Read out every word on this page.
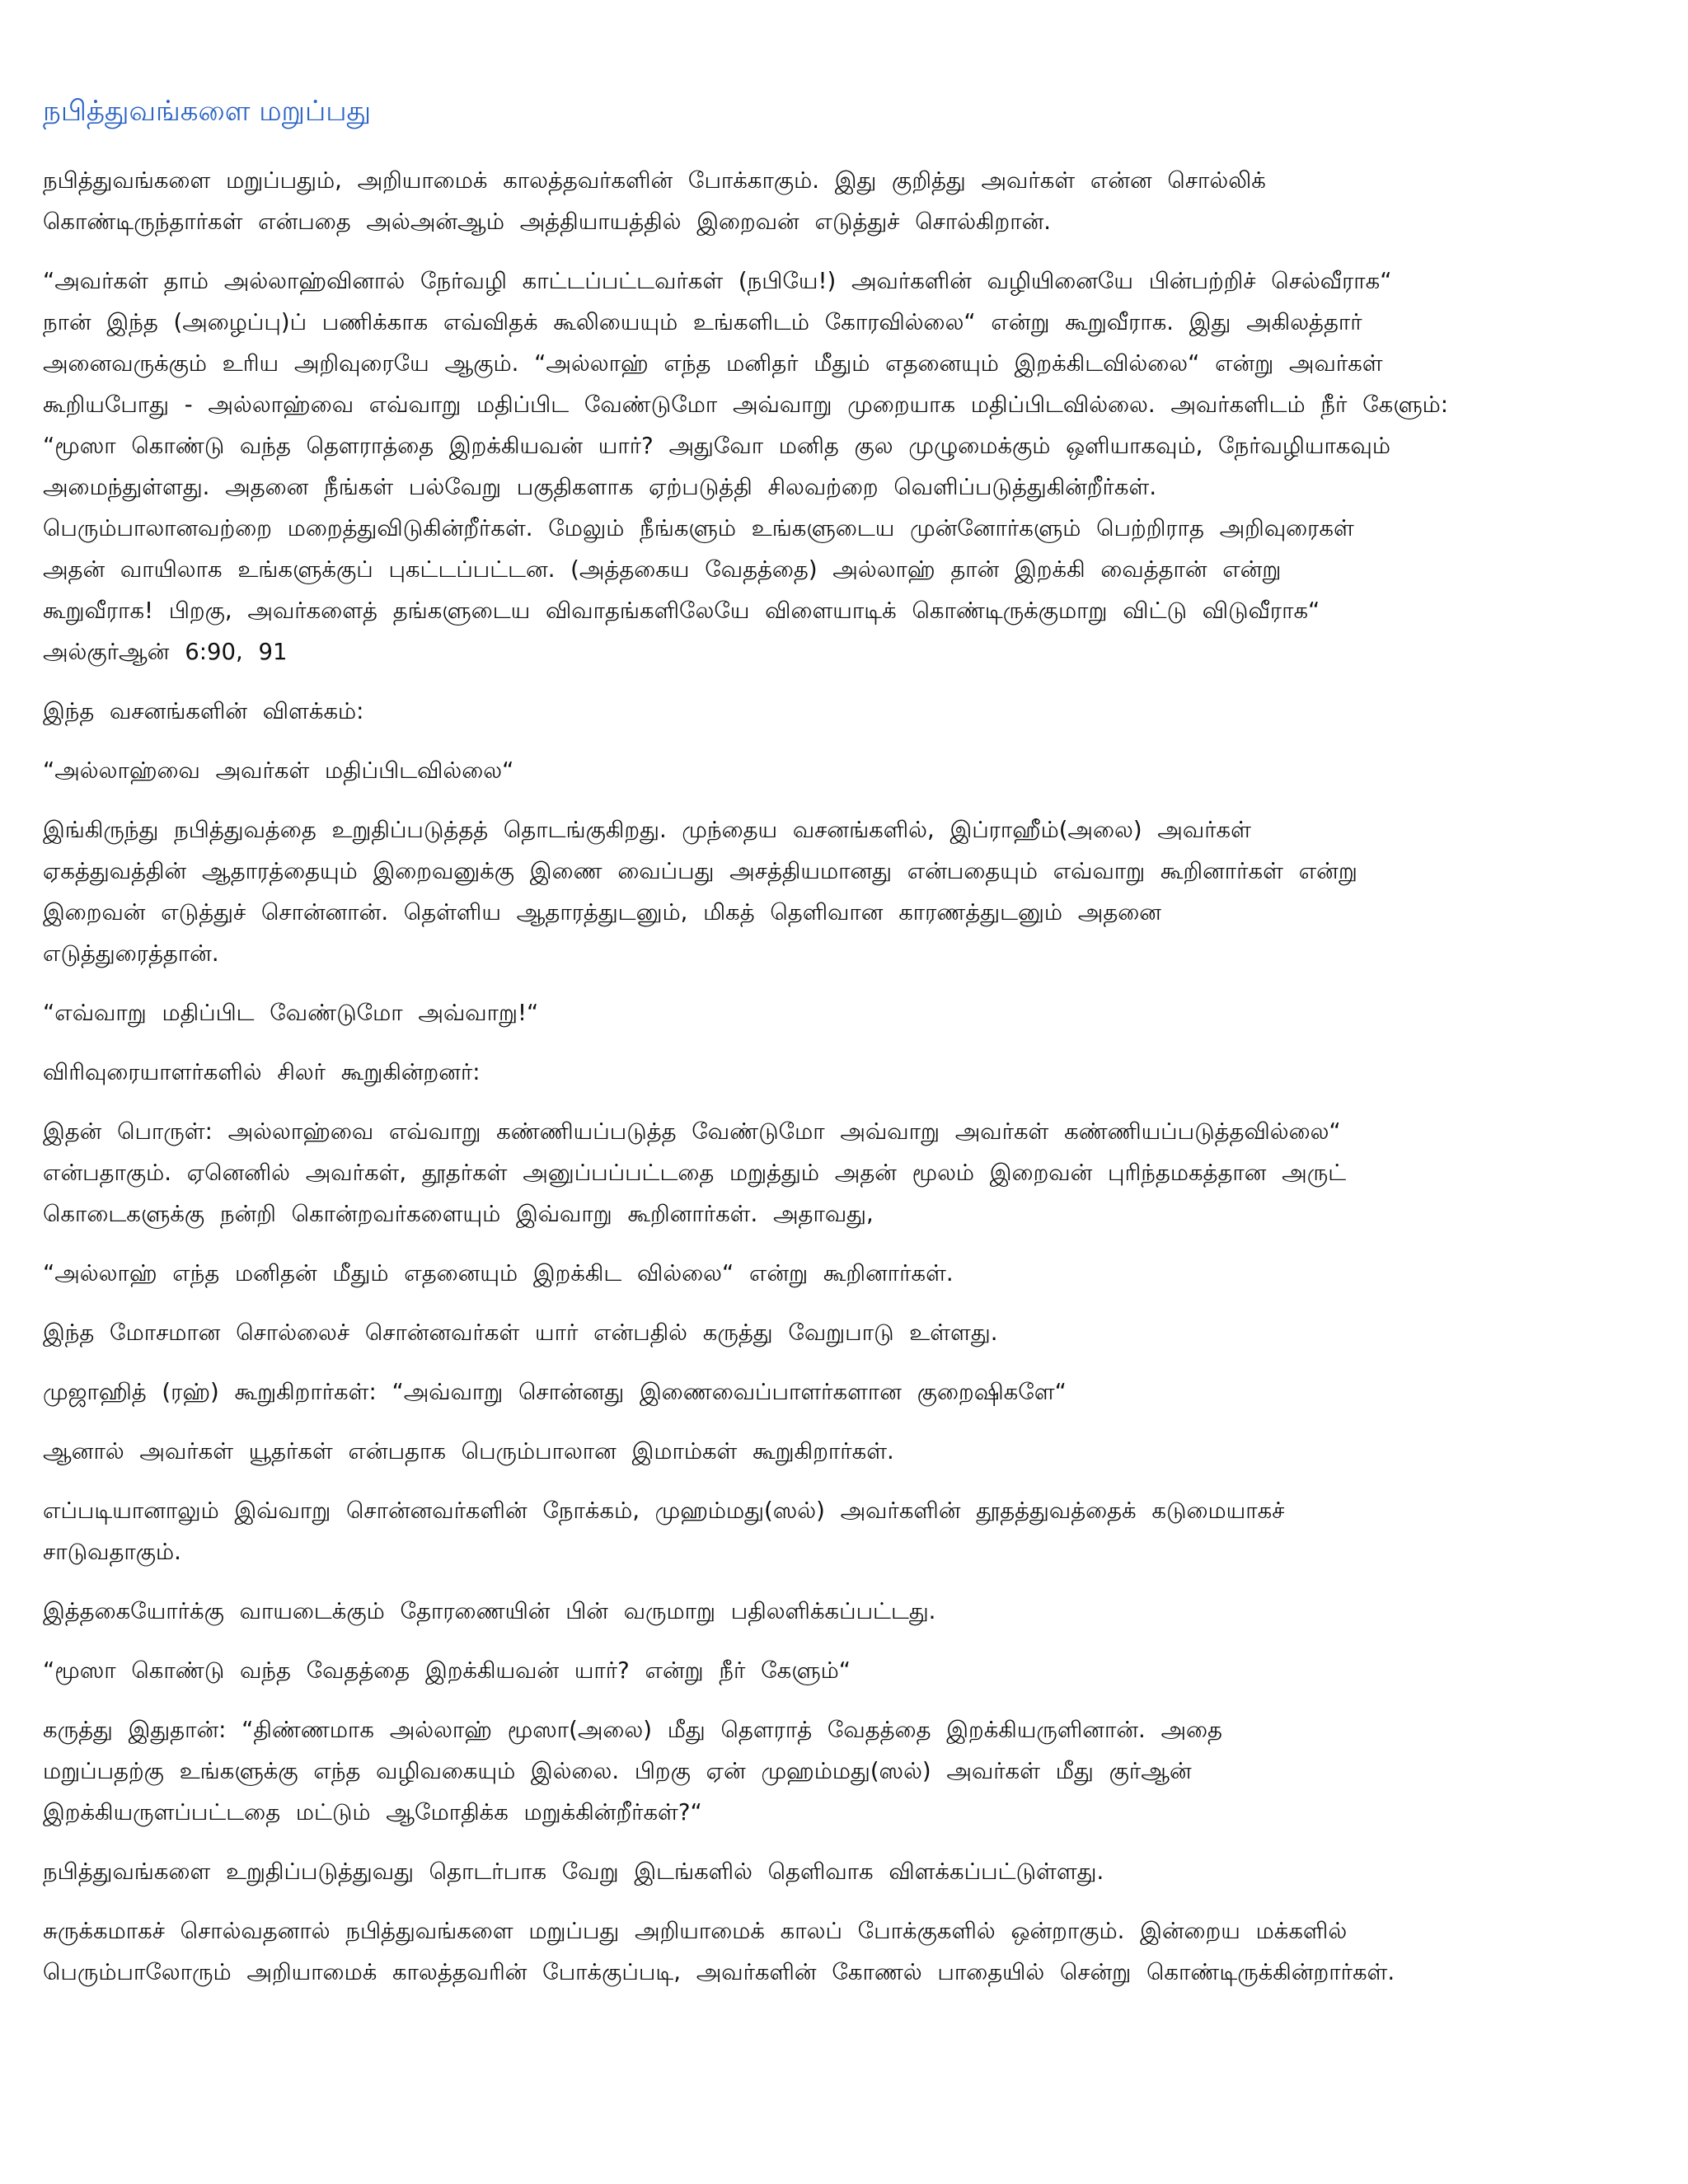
நபித்துவங்களை மறுப்பது
நபித்துவங்களை மறுப்பதும், அறியாமைக் காலத்தவர்களின் போக்காகும். இது குறித்து அவர்கள் என்ன சொல்லிக்
கொண்டிருந்தார்கள் என்பதை அல்அன்ஆம் அத்தியாயத்தில் இறைவன் எடுத்துச் சொல்கிறான்.
“அவர்கள் தாம் அல்லாஹ்வினால் நேர்வழி காட்டப்பட்டவர்கள் (நபியே!) அவர்களின் வழியினையே பின்பற்றிச் செல்வீராக“
நான் இந்த (அழைப்பு)ப் பணிக்காக எவ்விதக் கூலியையும் உங்களிடம் கோரவில்லை“ என்று கூறுவீராக. இது அகிலத்தார்
அனைவருக்கும் உரிய அறிவுரையே ஆகும். “அல்லாஹ் எந்த மனிதர் மீதும் எதனையும் இறக்கிடவில்லை“ என்று அவர்கள்
கூறியபோது - அல்லாஹ்வை எவ்வாறு மதிப்பிட வேண்டுமோ அவ்வாறு முறையாக மதிப்பிடவில்லை. அவர்களிடம் நீர் கேளும்:
“மூஸா கொண்டு வந்த தௌராத்தை இறக்கியவன் யார்? அதுவோ மனித குல முழுமைக்கும் ஒளியாகவும், நேர்வழியாகவும்
அமைந்துள்ளது. அதனை நீங்கள் பல்வேறு பகுதிகளாக ஏற்படுத்தி சிலவற்றை வெளிப்படுத்துகின்றீர்கள்.
பெரும்பாலானவற்றை மறைத்துவிடுகின்றீர்கள். மேலும் நீங்களும் உங்களுடைய முன்னோர்களும் பெற்றிராத அறிவுரைகள்
அதன் வாயிலாக உங்களுக்குப் புகட்டப்பட்டன. (அத்தகைய வேதத்தை) அல்லாஹ் தான் இறக்கி வைத்தான் என்று
கூறுவீராக! பிறகு, அவர்களைத் தங்களுடைய விவாதங்களிலேயே விளையாடிக் கொண்டிருக்குமாறு விட்டு விடுவீராக“
அல்குர்ஆன் 6:90, 91
இந்த வசனங்களின் விளக்கம்:
“அல்லாஹ்வை அவர்கள் மதிப்பிடவில்லை“
இங்கிருந்து நபித்துவத்தை உறுதிப்படுத்தத் தொடங்குகிறது. முந்தைய வசனங்களில், இப்ராஹீம்(அலை) அவர்கள்
ஏகத்துவத்தின் ஆதாரத்தையும் இறைவனுக்கு இணை வைப்பது அசத்தியமானது என்பதையும் எவ்வாறு கூறினார்கள் என்று
இறைவன் எடுத்துச் சொன்னான். தெள்ளிய ஆதாரத்துடனும், மிகத் தெளிவான காரணத்துடனும் அதனை
எடுத்துரைத்தான்.
“எவ்வாறு மதிப்பிட வேண்டுமோ அவ்வாறு!“
விரிவுரையாளர்களில் சிலர் கூறுகின்றனர்:
இதன் பொருள்: அல்லாஹ்வை எவ்வாறு கண்ணியப்படுத்த வேண்டுமோ அவ்வாறு அவர்கள் கண்ணியப்படுத்தவில்லை“
என்பதாகும். ஏனெனில் அவர்கள், தூதர்கள் அனுப்பப்பட்டதை மறுத்தும் அதன் மூலம் இறைவன் புரிந்தமகத்தான அருட்
கொடைகளுக்கு நன்றி கொன்றவர்களையும் இவ்வாறு கூறினார்கள். அதாவது,
“அல்லாஹ் எந்த மனிதன் மீதும் எதனையும் இறக்கிட வில்லை“ என்று கூறினார்கள்.
இந்த மோசமான சொல்லைச் சொன்னவர்கள் யார் என்பதில் கருத்து வேறுபாடு உள்ளது.
முஜாஹித் (ரஹ்) கூறுகிறார்கள்: “அவ்வாறு சொன்னது இணைவைப்பாளர்களான குறைஷிகளே“
ஆனால் அவர்கள் யூதர்கள் என்பதாக பெரும்பாலான இமாம்கள் கூறுகிறார்கள்.
எப்படியானாலும் இவ்வாறு சொன்னவர்களின் நோக்கம், முஹம்மது(ஸல்) அவர்களின் தூதத்துவத்தைக் கடுமையாகச்
சாடுவதாகும்.
இத்தகையோர்க்கு வாயடைக்கும் தோரணையின் பின் வருமாறு பதிலளிக்கப்பட்டது.
“மூஸா கொண்டு வந்த வேதத்தை இறக்கியவன் யார்? என்று நீர் கேளும்“
கருத்து இதுதான்: “திண்ணமாக அல்லாஹ் மூஸா(அலை) மீது தௌராத் வேதத்தை இறக்கியருளினான். அதை
மறுப்பதற்கு உங்களுக்கு எந்த வழிவகையும் இல்லை. பிறகு ஏன் முஹம்மது(ஸல்) அவர்கள் மீது குர்ஆன்
இறக்கியருளப்பட்டதை மட்டும் ஆமோதிக்க மறுக்கின்றீர்கள்?“
நபித்துவங்களை உறுதிப்படுத்துவது தொடர்பாக வேறு இடங்களில் தெளிவாக விளக்கப்பட்டுள்ளது.
சுருக்கமாகச் சொல்வதனால் நபித்துவங்களை மறுப்பது அறியாமைக் காலப் போக்குகளில் ஒன்றாகும். இன்றைய மக்களில்
பெரும்பாலோரும் அறியாமைக் காலத்தவரின் போக்குப்படி, அவர்களின் கோணல் பாதையில் சென்று கொண்டிருக்கின்றார்கள்.
